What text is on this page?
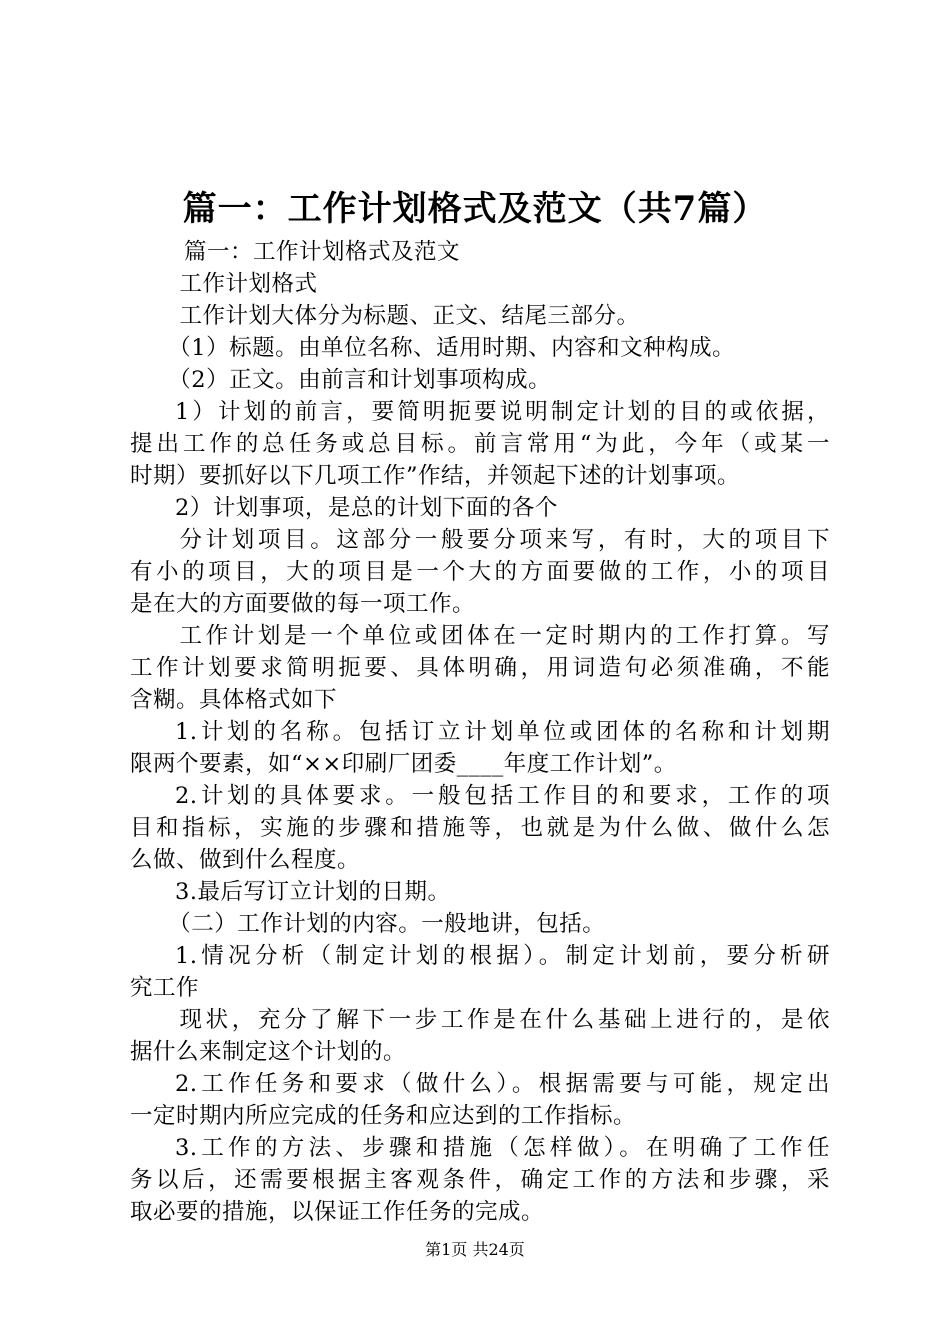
篇一：工作计划格式及范文（共7篇）
篇一：工作计划格式及范文
工作计划格式
工作计划大体分为标题、正文、结尾三部分。
（1）标题。由单位名称、适用时期、内容和文种构成。
（2）正文。由前言和计划事项构成。
1）计划的前言，要简明扼要说明制定计划的目的或依据，
提出工作的总任务或总目标。前言常用“为此，今年（或某一
时期）要抓好以下几项工作”作结，并领起下述的计划事项。
2）计划事项，是总的计划下面的各个
分计划项目。这部分一般要分项来写，有时，大的项目下
有小的项目，大的项目是一个大的方面要做的工作，小的项目
是在大的方面要做的每一项工作。
工作计划是一个单位或团体在一定时期内的工作打算。写
工作计划要求简明扼要、具体明确，用词造句必须准确，不能
含糊。具体格式如下
1.计划的名称。包括订立计划单位或团体的名称和计划期
限两个要素，如“××印刷厂团委____年度工作计划”。
2.计划的具体要求。一般包括工作目的和要求，工作的项
目和指标，实施的步骤和措施等，也就是为什么做、做什么怎
么做、做到什么程度。
3.最后写订立计划的日期。
（二）工作计划的内容。一般地讲，包括。
1.情况分析（制定计划的根据）。制定计划前，要分析研
究工作
现状，充分了解下一步工作是在什么基础上进行的，是依
据什么来制定这个计划的。
2.工作任务和要求（做什么）。根据需要与可能，规定出
一定时期内所应完成的任务和应达到的工作指标。
3.工作的方法、步骤和措施（怎样做）。在明确了工作任
务以后，还需要根据主客观条件，确定工作的方法和步骤，采
取必要的措施，以保证工作任务的完成。
第1页 共24页
